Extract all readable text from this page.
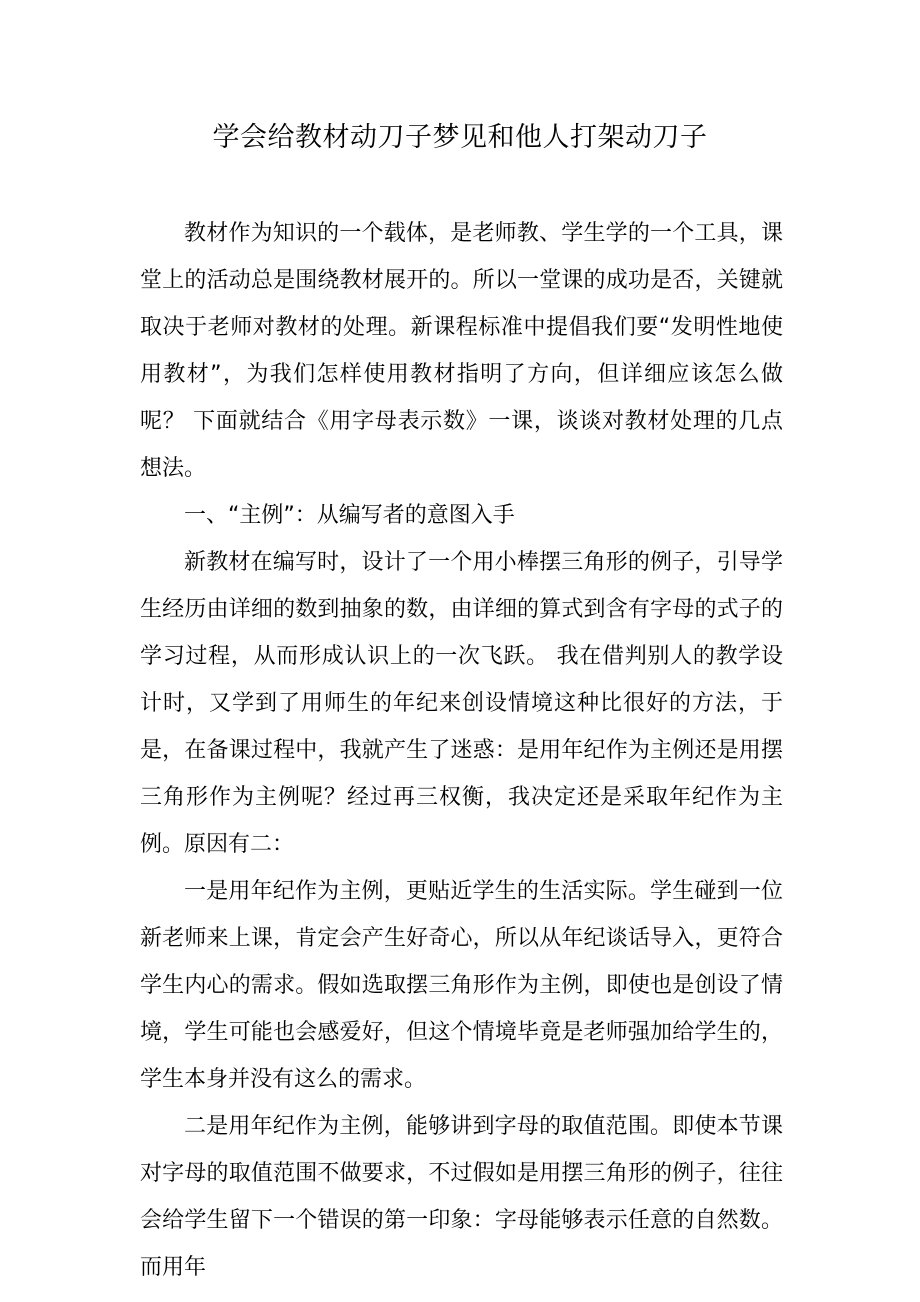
学会给教材动刀子梦见和他人打架动刀子

教材作为知识的一个载体，是老师教、学生学的一个工具，课堂上的活动总是围绕教材展开的。所以一堂课的成功是否，关键就取决于老师对教材的处理。新课程标准中提倡我们要“发明性地使用教材”，为我们怎样使用教材指明了方向，但详细应该怎么做呢？ 下面就结合《用字母表示数》一课，谈谈对教材处理的几点想法。

一、“主例”：从编写者的意图入手

新教材在编写时，设计了一个用小棒摆三角形的例子，引导学生经历由详细的数到抽象的数，由详细的算式到含有字母的式子的学习过程，从而形成认识上的一次飞跃。 我在借判别人的教学设计时，又学到了用师生的年纪来创设情境这种比很好的方法，于是，在备课过程中，我就产生了迷惑：是用年纪作为主例还是用摆三角形作为主例呢？经过再三权衡，我决定还是采取年纪作为主例。原因有二：

一是用年纪作为主例，更贴近学生的生活实际。学生碰到一位新老师来上课，肯定会产生好奇心，所以从年纪谈话导入，更符合学生内心的需求。假如选取摆三角形作为主例，即使也是创设了情境，学生可能也会感爱好，但这个情境毕竟是老师强加给学生的，学生本身并没有这么的需求。

二是用年纪作为主例，能够讲到字母的取值范围。即使本节课对字母的取值范围不做要求，不过假如是用摆三角形的例子，往往会给学生留下一个错误的第一印象：字母能够表示任意的自然数。而用年
